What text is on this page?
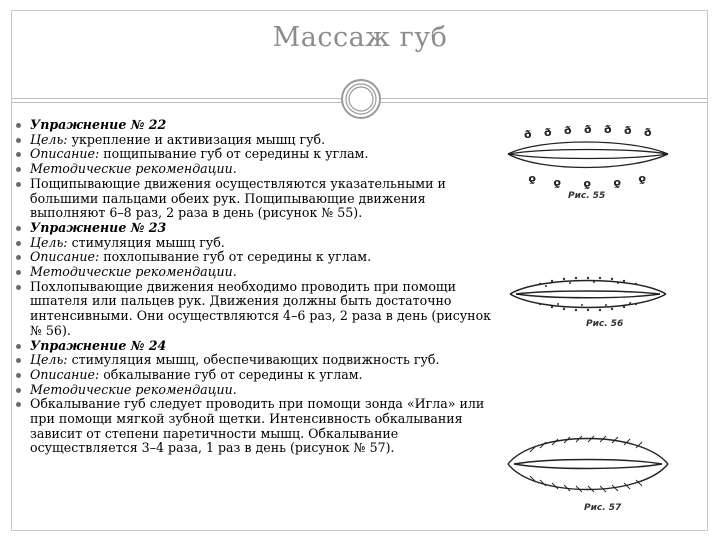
Массаж губ
Упражнение № 22
Цель: укрепление и активизация мышц губ.
Описание: пощипывание губ от середины к углам.
Методические рекомендации.
Пощипывающие движения осуществляются указательными и большими пальцами обеих рук. Пощипывающие движения выполняют 6–8 раз, 2 раза в день (рисунок № 55).
Упражнение № 23
Цель: стимуляция мышц губ.
Описание: похлопывание губ от середины к углам.
Методические рекомендации.
Похлопывающие движения необходимо проводить при помощи шпателя или пальцев рук. Движения должны быть достаточно интенсивными. Они осуществляются 4–6 раз, 2 раза в день (рисунок № 56).
Упражнение № 24
Цель: стимуляция мышц, обеспечивающих подвижность губ.
Описание: обкалывание губ от середины к углам.
Методические рекомендации.
Обкалывание губ следует проводить при помощи зонда «Игла» или при помощи мягкой зубной щетки. Интенсивность обкалывания зависит от степени паретичности мышц. Обкалывание осуществляется 3–4 раза, 1 раз в день (рисунок № 57).
ð ð ð ð ð ð ð
ð ð ð ð ð
Рис. 55
Рис. 56
Рис. 57
